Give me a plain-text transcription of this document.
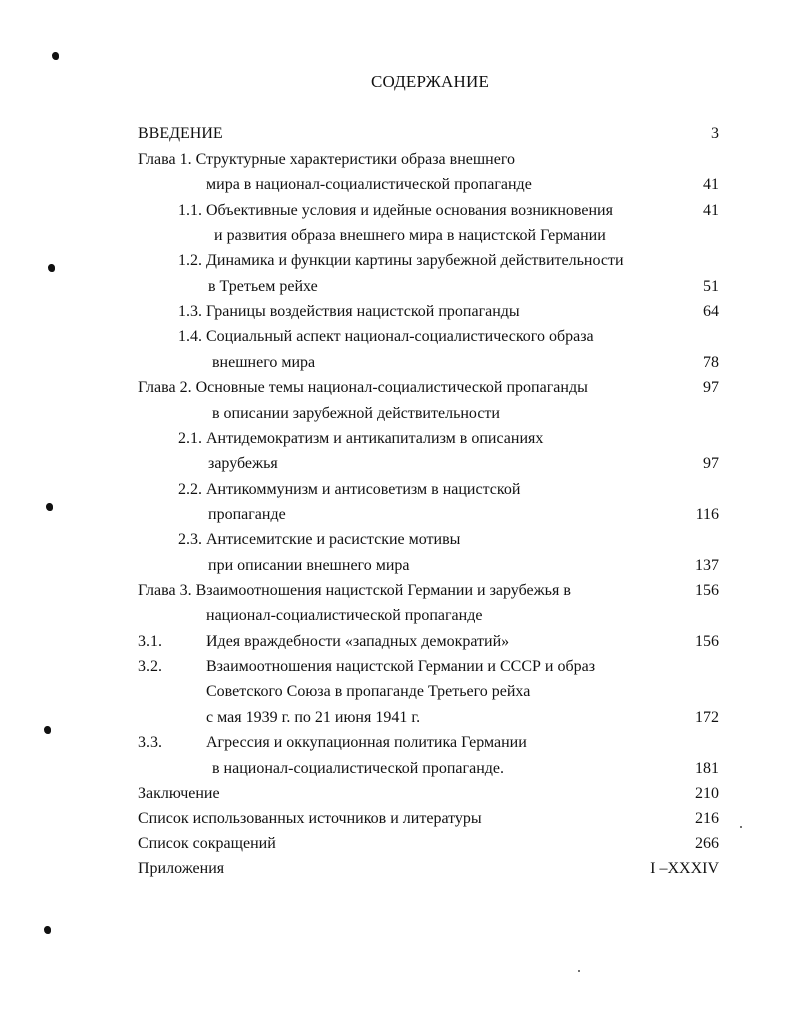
СОДЕРЖАНИЕ
ВВЕДЕНИЕ	3
Глава 1. Структурные характеристики образа внешнего
мира в национал-социалистической пропаганде	41
1.1. Объективные условия и идейные основания возникновения	41
и развития образа внешнего мира в нацистской Германии
1.2. Динамика и функции картины зарубежной действительности
в Третьем рейхе	51
1.3. Границы воздействия нацистской пропаганды	64
1.4. Социальный аспект национал-социалистического образа
внешнего мира	78
Глава 2. Основные темы национал-социалистической пропаганды	97
в описании зарубежной действительности
2.1. Антидемократизм и антикапитализм в описаниях
зарубежья	97
2.2. Антикоммунизм и антисоветизм в нацистской
пропаганде	116
2.3. Антисемитские и расистские мотивы
при описании внешнего мира	137
Глава 3. Взаимоотношения нацистской Германии и зарубежья в	156
национал-социалистической пропаганде
3.1.	Идея враждебности «западных демократий»	156
3.2.	Взаимоотношения нацистской Германии и СССР и образ
Советского Союза в пропаганде Третьего рейха
с мая 1939 г. по 21 июня 1941 г.	172
3.3.	Агрессия и оккупационная политика Германии
в национал-социалистической пропаганде.	181
Заключение	210
Список использованных источников и литературы	216
Список сокращений	266
Приложения	I –XXXIV
